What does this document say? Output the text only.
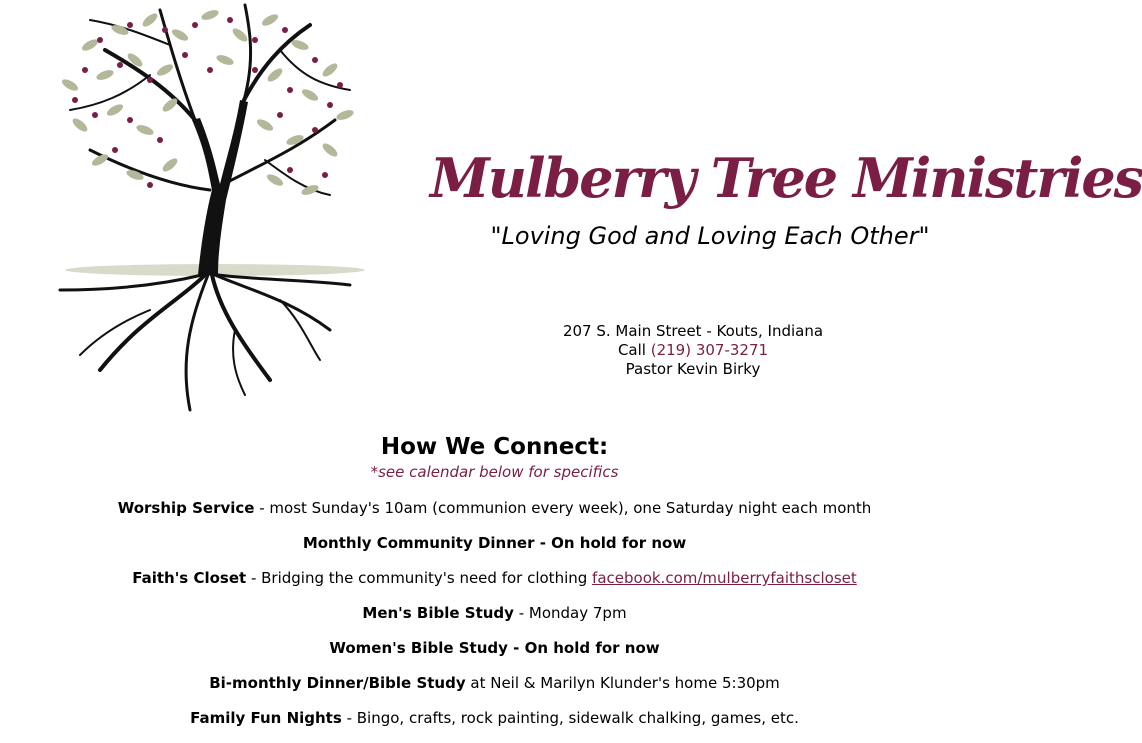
Mulberry Tree Ministries

"Loving God and Loving Each Other"

207 S. Main Street - Kouts, Indiana
Call (219) 307-3271
Pastor Kevin Birky
How We Connect:
*see calendar below for specifics
Worship Service - most Sunday's 10am (communion every week), one Saturday night each month
Monthly Community Dinner - On hold for now
Faith's Closet - Bridging the community's need for clothing facebook.com/mulberryfaithscloset
Men's Bible Study - Monday 7pm
Women's Bible Study - On hold for now
Bi-monthly Dinner/Bible Study at Neil & Marilyn Klunder's home 5:30pm
Family Fun Nights - Bingo, crafts, rock painting, sidewalk chalking, games, etc.
